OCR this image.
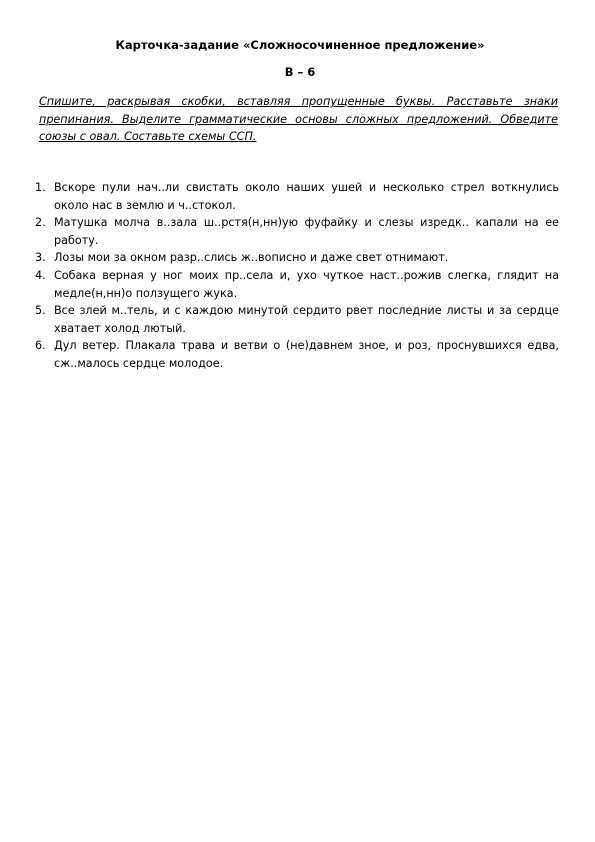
Карточка-задание «Сложносочиненное предложение»
В – 6
Спишите, раскрывая скобки, вставляя пропущенные буквы. Расставьте знаки препинания. Выделите грамматические основы сложных предложений. Обведите союзы с овал. Составьте схемы ССП.
1. Вскоре пули нач..ли свистать около наших ушей и несколько стрел воткнулись около нас в землю и ч..стокол.
2. Матушка молча в..зала ш..рстя(н,нн)ую фуфайку и слезы изредк.. капали на ее работу.
3. Лозы мои за окном разр..слись ж..вописно и даже свет отнимают.
4. Собака верная у ног моих пр..села и, ухо чуткое наст..рожив слегка, глядит на медле(н,нн)о ползущего жука.
5. Все злей м..тель, и с каждою минутой сердито рвет последние листы и за сердце хватает холод лютый.
6. Дул ветер. Плакала трава и ветви о (не)давнем зное, и роз, проснувшихся едва, сж..малось сердце молодое.
